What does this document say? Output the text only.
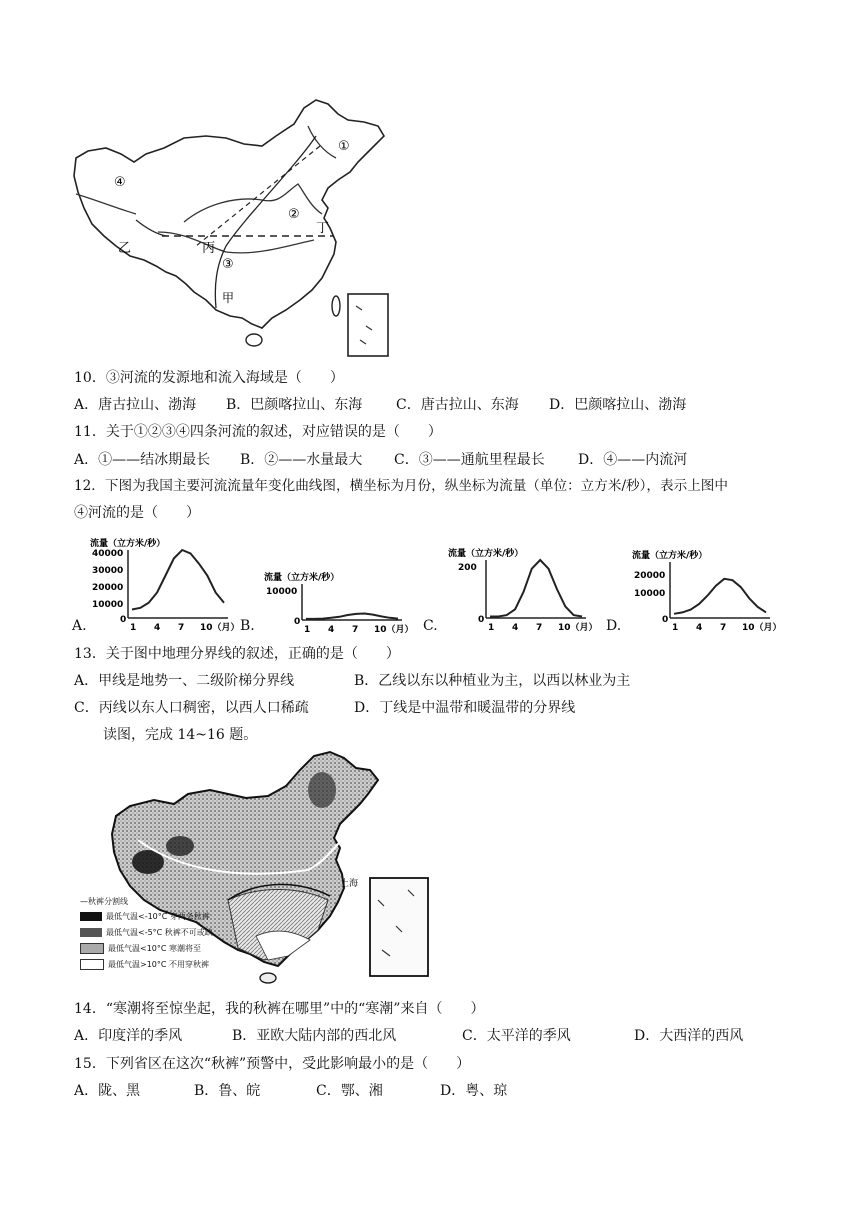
①
②
③
④
甲
乙	丙
丁
10．③河流的发源地和流入海域是（　　）
A．唐古拉山、渤海 B．巴颜喀拉山、东海 C．唐古拉山、东海 D．巴颜喀拉山、渤海
11．关于①②③④四条河流的叙述，对应错误的是（　　）
A．①——结冰期最长 B．②——水量最大 C．③——通航里程最长 D．④——内流河
12．下图为我国主要河流流量年变化曲线图，横坐标为月份，纵坐标为流量（单位：立方米/秒），表示上图中
④河流的是（　　）
A.	B.	C.	D.
流量（立方米/秒）
40000
30000
20000
10000
0
1 4 7 10（月）
流量（立方米/秒）
10000
0
1 4 7 10（月）
流量（立方米/秒）
200
0
1 4 7 10（月）
流量（立方米/秒）
20000
10000
0
1 4 7 10（月）
13．关于图中地理分界线的叙述，正确的是（　　）
A．甲线是地势一、二级阶梯分界线	B．乙线以东以种植业为主，以西以林业为主
C．丙线以东人口稠密，以西人口稀疏	D．丁线是中温带和暖温带的分界线
读图，完成 14~16 题。
上海
—秋裤分割线
最低气温<-10°C 穿两条秋裤
最低气温<-5°C 秋裤不可或缺
最低气温<10°C 寒潮将至
最低气温>10°C 不用穿秋裤
14．“寒潮将至惊坐起，我的秋裤在哪里”中的“寒潮”来自（　　）
A．印度洋的季风	B．亚欧大陆内部的西北风	C．太平洋的季风	D．大西洋的西风
15．下列省区在这次“秋裤”预警中，受此影响最小的是（　　）
A．陇、黑	B．鲁、皖	C．鄂、湘	D．粤、琼
